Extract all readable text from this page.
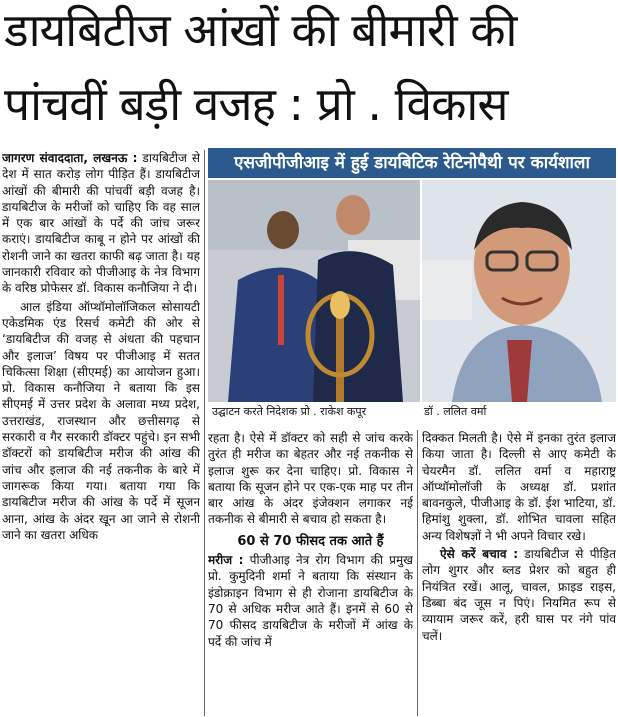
डायबिटीज आंखों की बीमारी की
पांचवीं बड़ी वजह : प्रो . विकास

जागरण संवाददाता, लखनऊ : डायबिटीज से देश में सात करोड़ लोग पीड़ित हैं। डायबिटीज आंखों की बीमारी की पांचवीं बड़ी वजह है। डायबिटीज के मरीजों को चाहिए कि वह साल में एक बार आंखों के पर्दे की जांच जरूर कराएं। डायबिटीज काबू न होने पर आंखों की रोशनी जाने का खतरा काफी बढ़ जाता है। यह जानकारी रविवार को पीजीआइ के नेत्र विभाग के वरिष्ठ प्रोफेसर डॉ. विकास कनौजिया ने दी।

आल इंडिया ऑप्थॉमोलॉजिकल सोसायटी एकेडमिक एंड रिसर्च कमेटी की ओर से ‘डायबिटीज की वजह से अंधता की पहचान और इलाज’ विषय पर पीजीआइ में सतत चिकित्सा शिक्षा (सीएमई) का आयोजन हुआ। प्रो. विकास कनौजिया ने बताया कि इस सीएमई में उत्तर प्रदेश के अलावा मध्य प्रदेश, उत्तराखंड, राजस्थान और छत्तीसगढ़ से सरकारी व गैर सरकारी डॉक्टर पहुंचे। इन सभी डॉक्टरों को डायबिटीज मरीज की आंख की जांच और इलाज की नई तकनीक के बारे में जागरूक किया गया। बताया गया कि डायबिटीज मरीज की आंख के पर्दे में सूजन आना, आंख के अंदर खून आ जाने से रोशनी जाने का खतरा अधिक

एसजीपीजीआइ में हुई डायबिटिक रेटिनोपैथी पर कार्यशाला
उद्घाटन करते निदेशक प्रो . राकेश कपूर	डॉ . ललित वर्मा

रहता है। ऐसे में डॉक्टर को सही से जांच करके तुरंत ही मरीज का बेहतर और नई तकनीक से इलाज शुरू कर देना चाहिए। प्रो. विकास ने बताया कि सूजन होने पर एक-एक माह पर तीन बार आंख के अंदर इंजेक्शन लगाकर नई तकनीक से बीमारी से बचाव हो सकता है।

60 से 70 फीसद तक आते हैं

मरीज : पीजीआइ नेत्र रोग विभाग की प्रमुख प्रो. कुमुदिनी शर्मा ने बताया कि संस्थान के इंडोक्राइन विभाग से ही रोजाना डायबिटीज के 70 से अधिक मरीज आते हैं। इनमें से 60 से 70 फीसद डायबिटीज के मरीजों में आंख के पर्दे की जांच में

दिक्कत मिलती है। ऐसे में इनका तुरंत इलाज किया जाता है। दिल्ली से आए कमेटी के चेयरमैन डॉ. ललित वर्मा व महाराष्ट्र ऑप्थॉमोलॉजी के अध्यक्ष डॉ. प्रशांत बावनकुले, पीजीआइ के डॉ. ईश भाटिया, डॉ. हिमांशु शुक्ला, डॉ. शोभित चावला सहित अन्य विशेषज्ञों ने भी अपने विचार रखे।

ऐसे करें बचाव : डायबिटीज से पीड़ित लोग शुगर और ब्लड प्रेशर को बहुत ही नियंत्रित रखें। आलू, चावल, फ्राइड राइस, डिब्बा बंद जूस न पिएं। नियमित रूप से व्यायाम जरूर करें, हरी घास पर नंगे पांव चलें।
